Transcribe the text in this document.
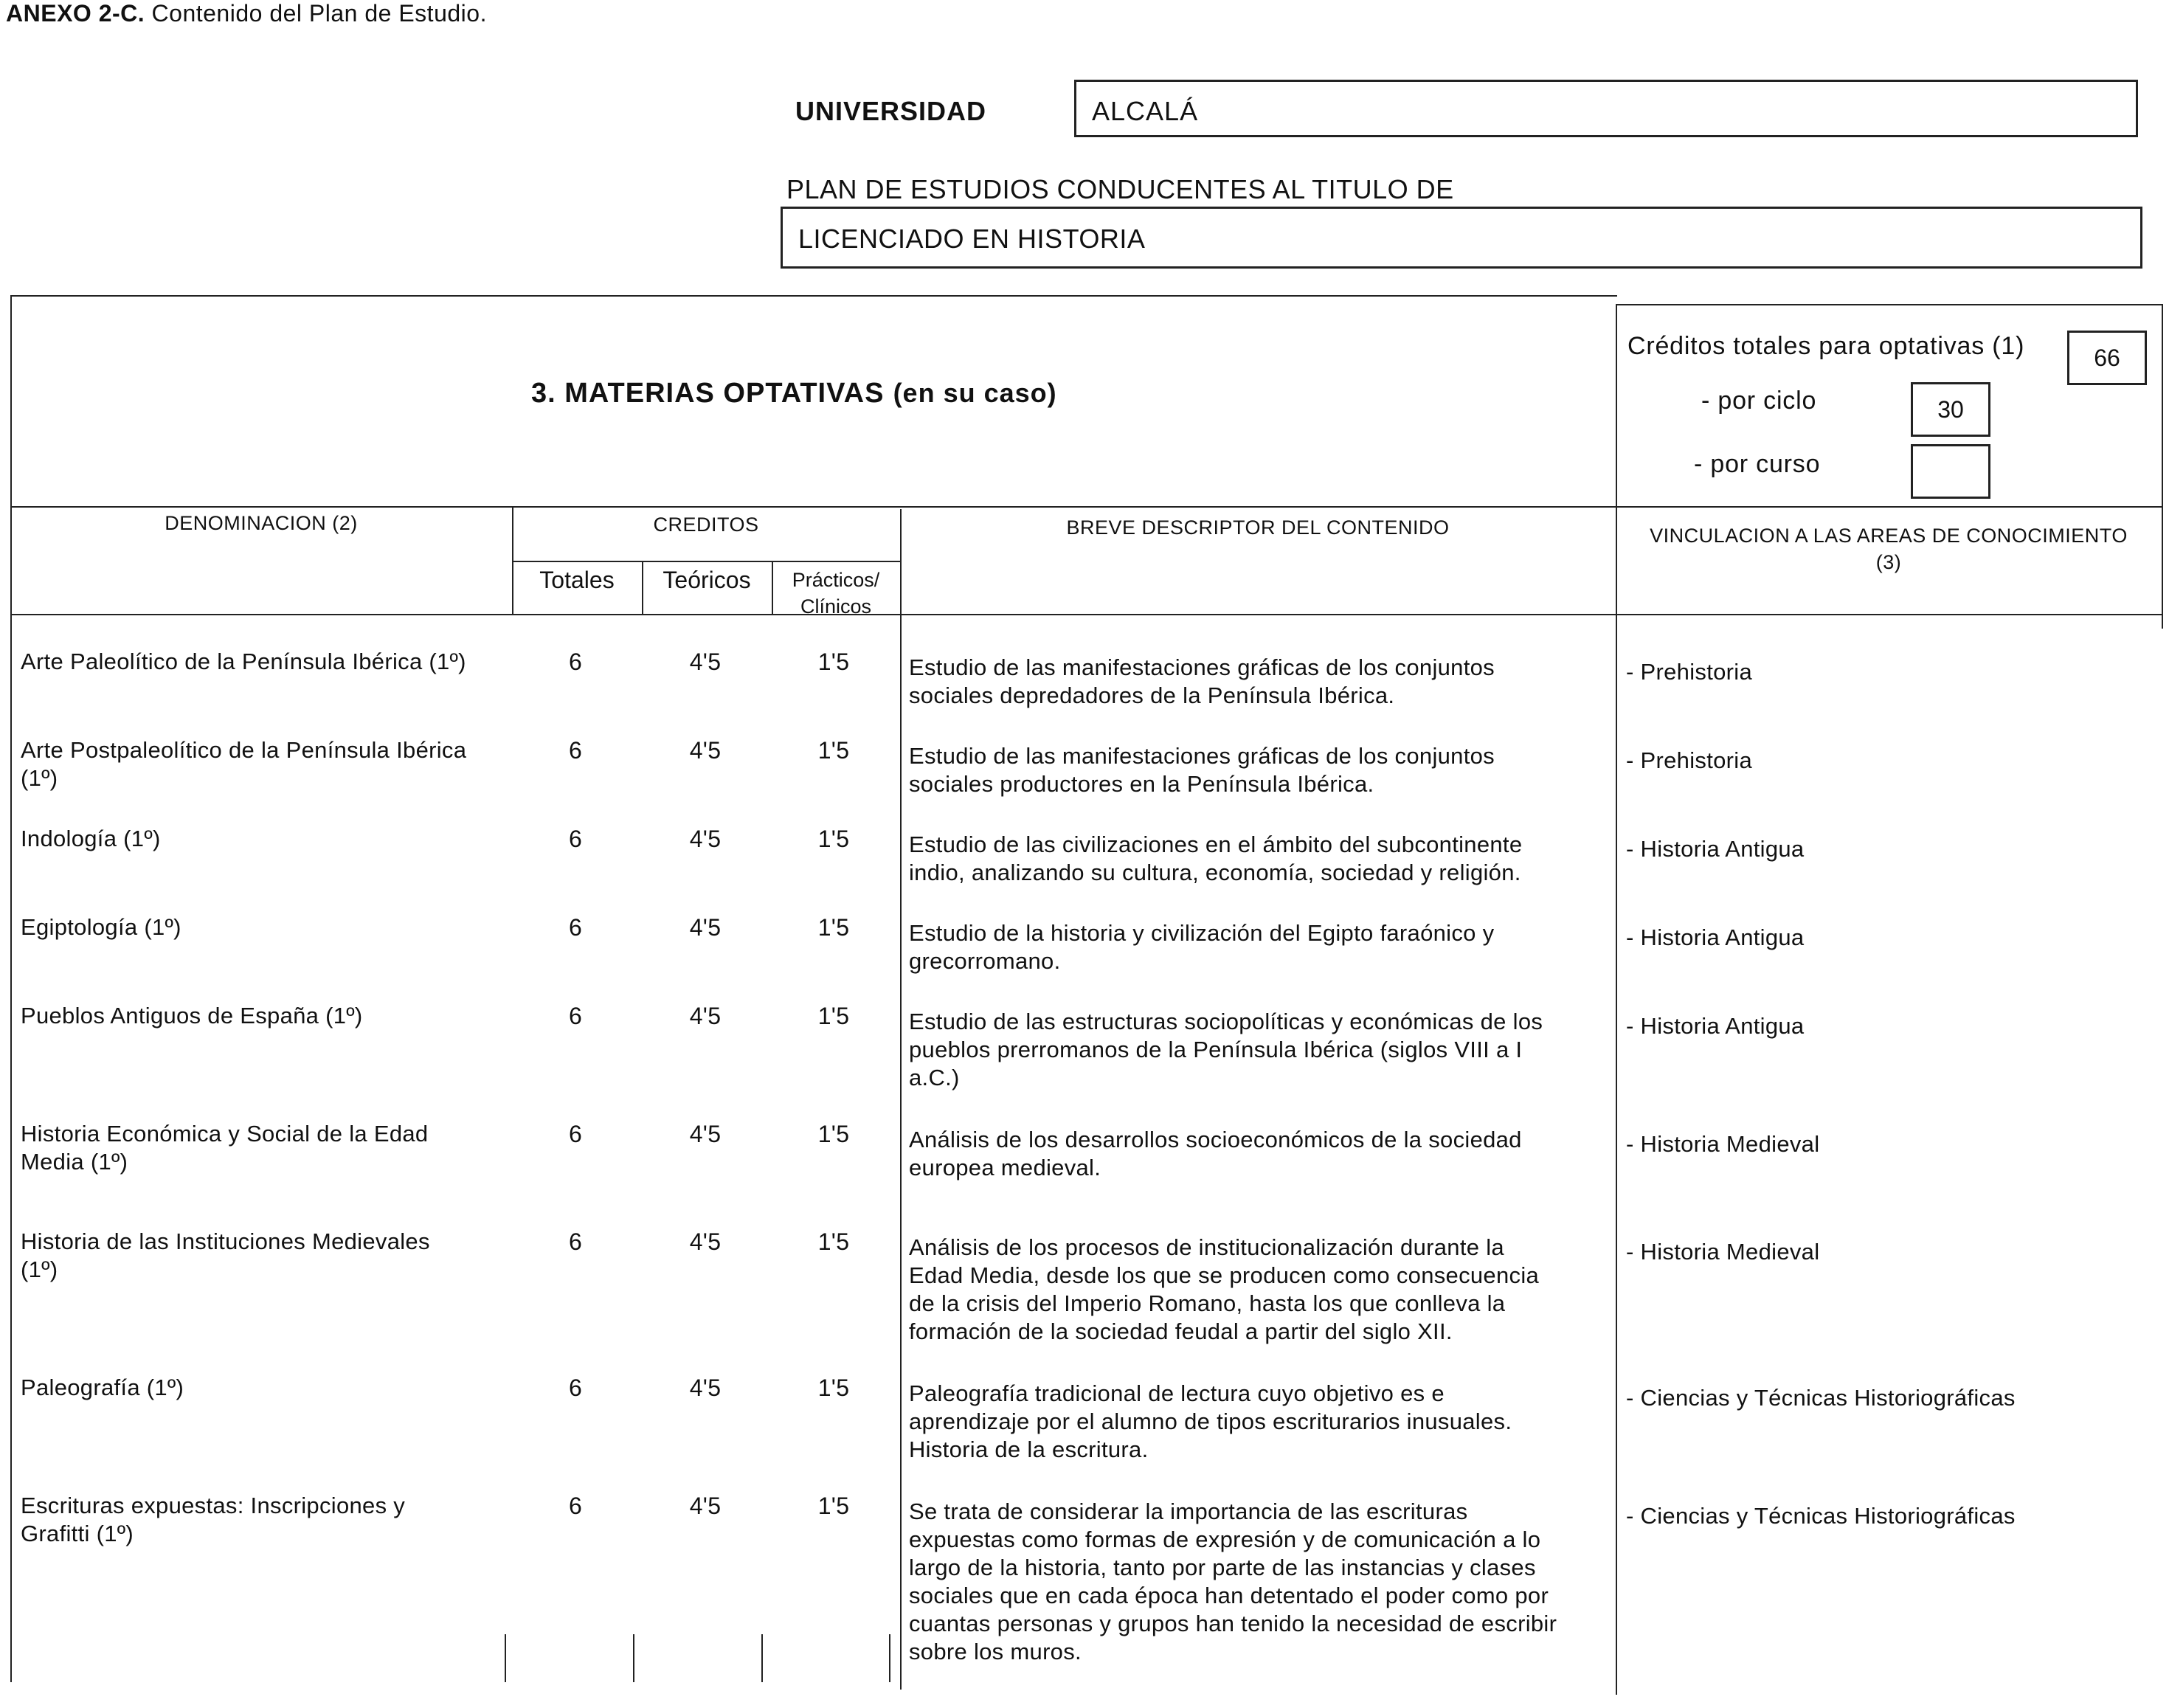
ANEXO 2-C. Contenido del Plan de Estudio.
UNIVERSIDAD	ALCALÁ
PLAN DE ESTUDIOS CONDUCENTES AL TITULO DE
LICENCIADO EN HISTORIA
3. MATERIAS OPTATIVAS (en su caso)
Créditos totales para optativas (1)	66
- por ciclo	30
- por curso
DENOMINACION (2)	CREDITOS
Totales	Teóricos	Prácticos/
Clínicos
BREVE DESCRIPTOR DEL CONTENIDO	VINCULACION A LAS AREAS DE CONOCIMIENTO
(3)
Arte Paleolítico de la Península Ibérica (1º)	6	4'5	1'5	Estudio de las manifestaciones gráficas de los conjuntos
sociales depredadores de la Península Ibérica.
- Prehistoria
Arte Postpaleolítico de la Península Ibérica
(1º)
6	4'5	1'5	Estudio de las manifestaciones gráficas de los conjuntos
sociales productores en la Península Ibérica.
- Prehistoria
Indología (1º)	6	4'5	1'5	Estudio de las civilizaciones en el ámbito del subcontinente
indio, analizando su cultura, economía, sociedad y religión.
- Historia Antigua
Egiptología (1º)	6	4'5	1'5	Estudio de la historia y civilización del Egipto faraónico y
grecorromano.
- Historia Antigua
Pueblos Antiguos de España (1º)	6	4'5	1'5	Estudio de las estructuras sociopolíticas y económicas de los
pueblos prerromanos de la Península Ibérica (siglos VIII a I
a.C.)
- Historia Antigua
Historia Económica y Social de la Edad
Media (1º)
6	4'5	1'5	Análisis de los desarrollos socioeconómicos de la sociedad
europea medieval.
- Historia Medieval
Historia de las Instituciones Medievales
(1º)
6	4'5	1'5	Análisis de los procesos de institucionalización durante la
Edad Media, desde los que se producen como consecuencia
de la crisis del Imperio Romano, hasta los que conlleva la
formación de la sociedad feudal a partir del siglo XII.
- Historia Medieval
Paleografía (1º)	6	4'5	1'5	Paleografía tradicional de lectura cuyo objetivo es e
aprendizaje por el alumno de tipos escriturarios inusuales.
Historia de la escritura.
- Ciencias y Técnicas Historiográficas
Escrituras expuestas: Inscripciones y
Grafitti (1º)
6	4'5	1'5	Se trata de considerar la importancia de las escrituras
expuestas como formas de expresión y de comunicación a lo
largo de la historia, tanto por parte de las instancias y clases
sociales que en cada época han detentado el poder como por
cuantas personas y grupos han tenido la necesidad de escribir
sobre los muros.
- Ciencias y Técnicas Historiográficas
